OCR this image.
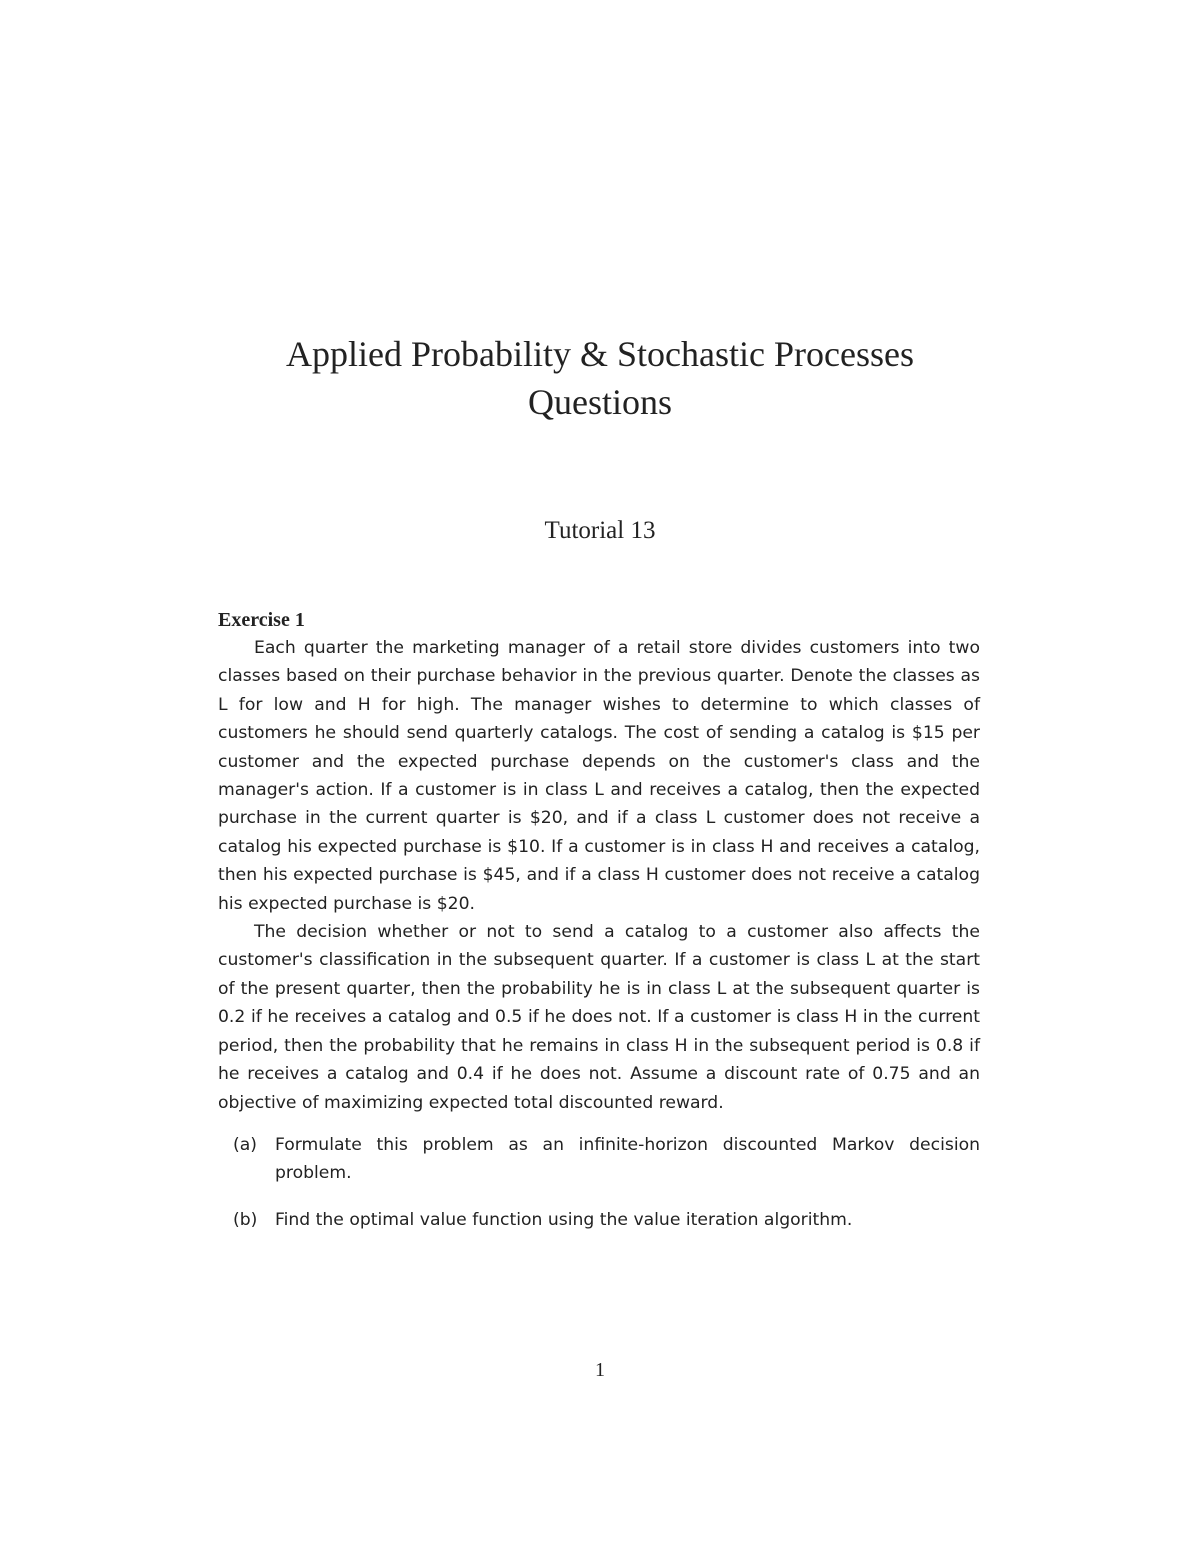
Applied Probability & Stochastic Processes
Questions
Tutorial 13
Exercise 1

Each quarter the marketing manager of a retail store divides customers into two classes based on their purchase behavior in the previous quarter. Denote the classes as L for low and H for high. The manager wishes to determine to which classes of customers he should send quarterly catalogs. The cost of sending a catalog is $15 per customer and the expected purchase depends on the customer's class and the manager's action. If a customer is in class L and receives a catalog, then the expected purchase in the current quarter is $20, and if a class L customer does not receive a catalog his expected purchase is $10. If a customer is in class H and receives a catalog, then his expected purchase is $45, and if a class H customer does not receive a catalog his expected purchase is $20.

The decision whether or not to send a catalog to a customer also affects the customer's classification in the subsequent quarter. If a customer is class L at the start of the present quarter, then the probability he is in class L at the subsequent quarter is 0.2 if he receives a catalog and 0.5 if he does not. If a customer is class H in the current period, then the probability that he remains in class H in the subsequent period is 0.8 if he receives a catalog and 0.4 if he does not. Assume a discount rate of 0.75 and an objective of maximizing expected total discounted reward.

(a) Formulate this problem as an infinite-horizon discounted Markov decision problem.
(b) Find the optimal value function using the value iteration algorithm.

1
